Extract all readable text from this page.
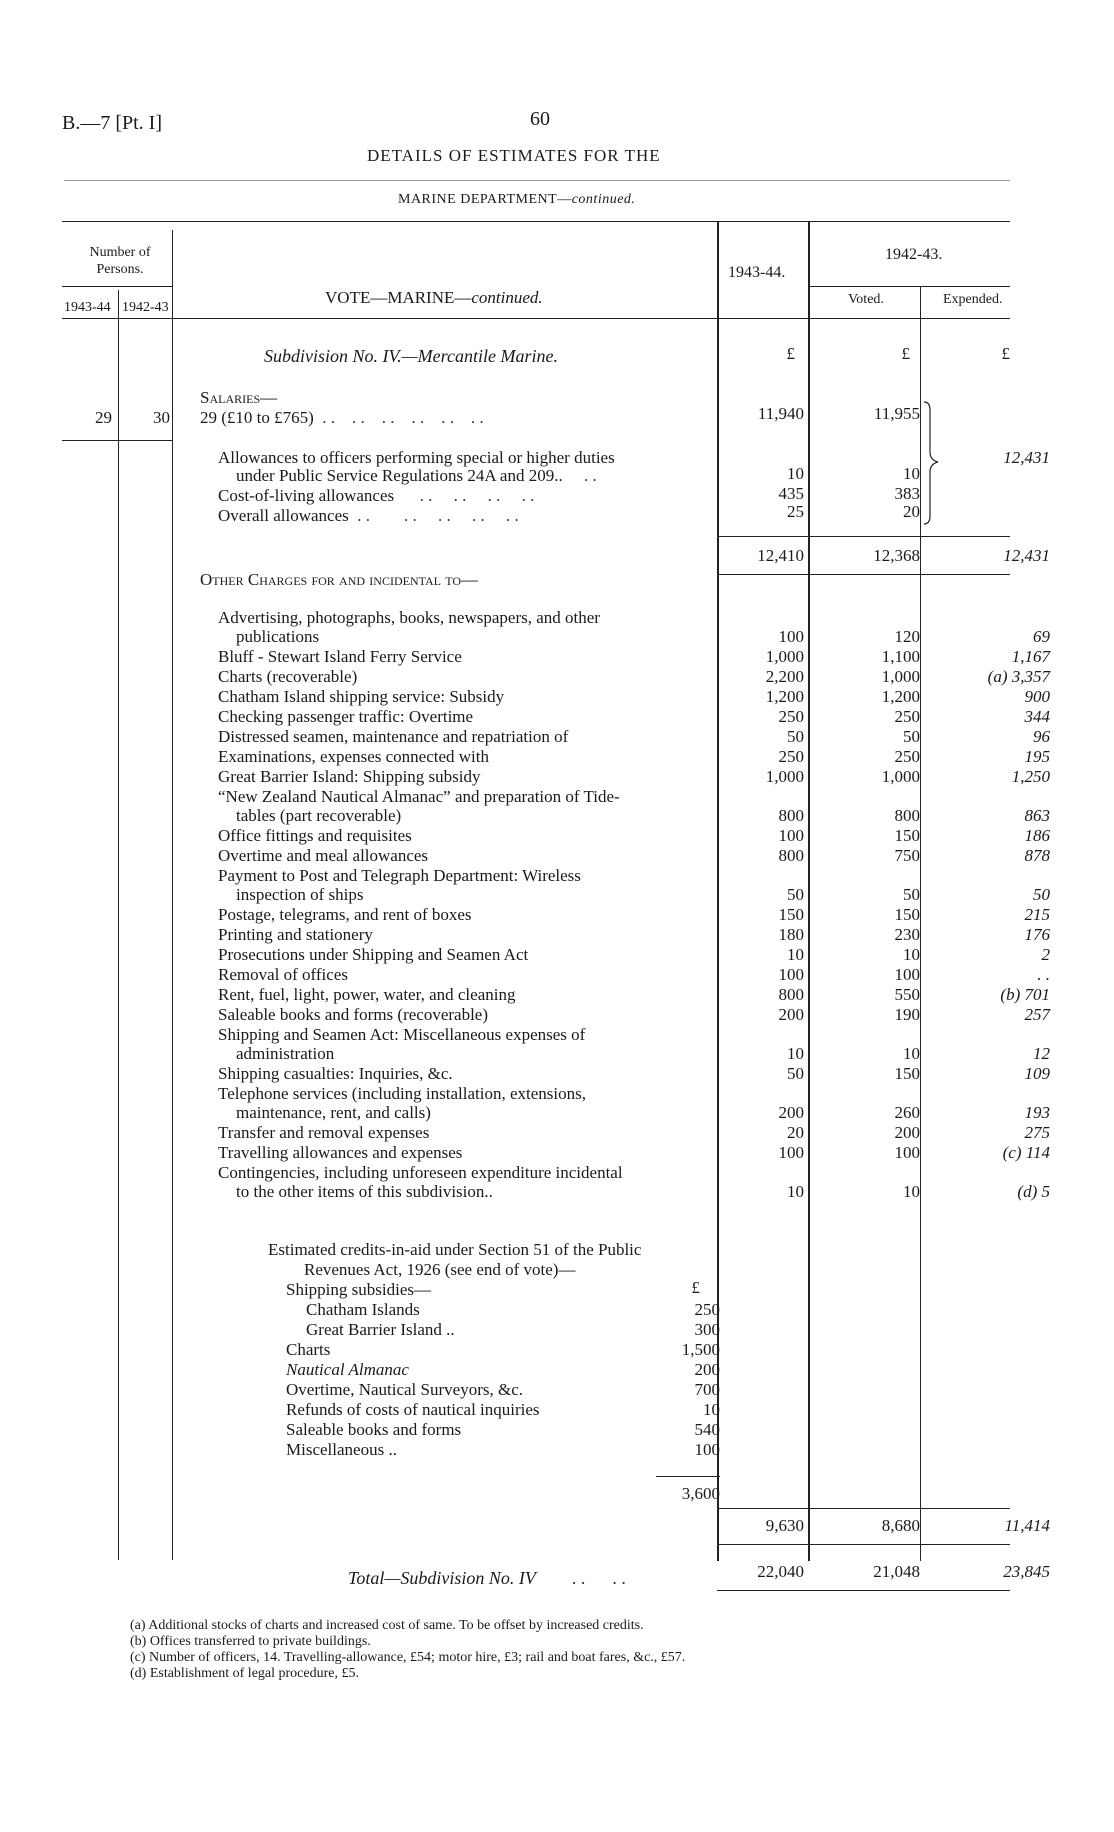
B.—7 [Pt. I]	60
DETAILS OF ESTIMATES FOR THE
MARINE DEPARTMENT—continued.
Number of Persons.
1943-44 1942-43
VOTE—MARINE—continued.
1943-44.
1942-43.
Voted.	Expended.
Subdivision No. IV.—Mercantile Marine.	£	£	£
Salaries—
29	30 29 (£10 to £765)  . .    . .    . .    . .    . .    . .	11,940	11,955
Allowances to officers performing special or higher duties
under Public Service Regulations 24A and 209..     . .	10	10
Cost-of-living allowances      . .     . .     . .     . .	435	383
Overall allowances  . .        . .     . .     . .     . .	25	20
12,431
12,410	12,368	12,431
Other Charges for and incidental to—
Advertising, photographs, books, newspapers, and other
publications	100	120	69
Bluff - Stewart Island Ferry Service	1,000	1,100	1,167
Charts (recoverable)	2,200	1,000	(a) 3,357
Chatham Island shipping service: Subsidy	1,200	1,200	900
Checking passenger traffic: Overtime	250	250	344
Distressed seamen, maintenance and repatriation of	50	50	96
Examinations, expenses connected with	250	250	195
Great Barrier Island: Shipping subsidy	1,000	1,000	1,250
“New Zealand Nautical Almanac” and preparation of Tide-
tables (part recoverable)	800	800	863
Office fittings and requisites	100	150	186
Overtime and meal allowances	800	750	878
Payment to Post and Telegraph Department: Wireless
inspection of ships	50	50	50
Postage, telegrams, and rent of boxes	150	150	215
Printing and stationery	180	230	176
Prosecutions under Shipping and Seamen Act	10	10	2
Removal of offices	100	100	. .
Rent, fuel, light, power, water, and cleaning	800	550	(b) 701
Saleable books and forms (recoverable)	200	190	257
Shipping and Seamen Act: Miscellaneous expenses of
administration	10	10	12
Shipping casualties: Inquiries, &c.	50	150	109
Telephone services (including installation, extensions,
maintenance, rent, and calls)	200	260	193
Transfer and removal expenses	20	200	275
Travelling allowances and expenses	100	100	(c) 114
Contingencies, including unforeseen expenditure incidental
to the other items of this subdivision..	10	10	(d) 5
Estimated credits-in-aid under Section 51 of the Public
Revenues Act, 1926 (see end of vote)—
£
Shipping subsidies—
Chatham Islands	250
Great Barrier Island ..	300
Charts	1,500
Nautical Almanac	200
Overtime, Nautical Surveyors, &c.	700
Refunds of costs of nautical inquiries	10
Saleable books and forms	540
Miscellaneous ..	100
3,600
9,630	8,680	11,414
Total—Subdivision No. IV        . .      . .	22,040	21,048	23,845
(a) Additional stocks of charts and increased cost of same. To be offset by increased credits.
(b) Offices transferred to private buildings.
(c) Number of officers, 14. Travelling-allowance, £54; motor hire, £3; rail and boat fares, &c., £57.
(d) Establishment of legal procedure, £5.
